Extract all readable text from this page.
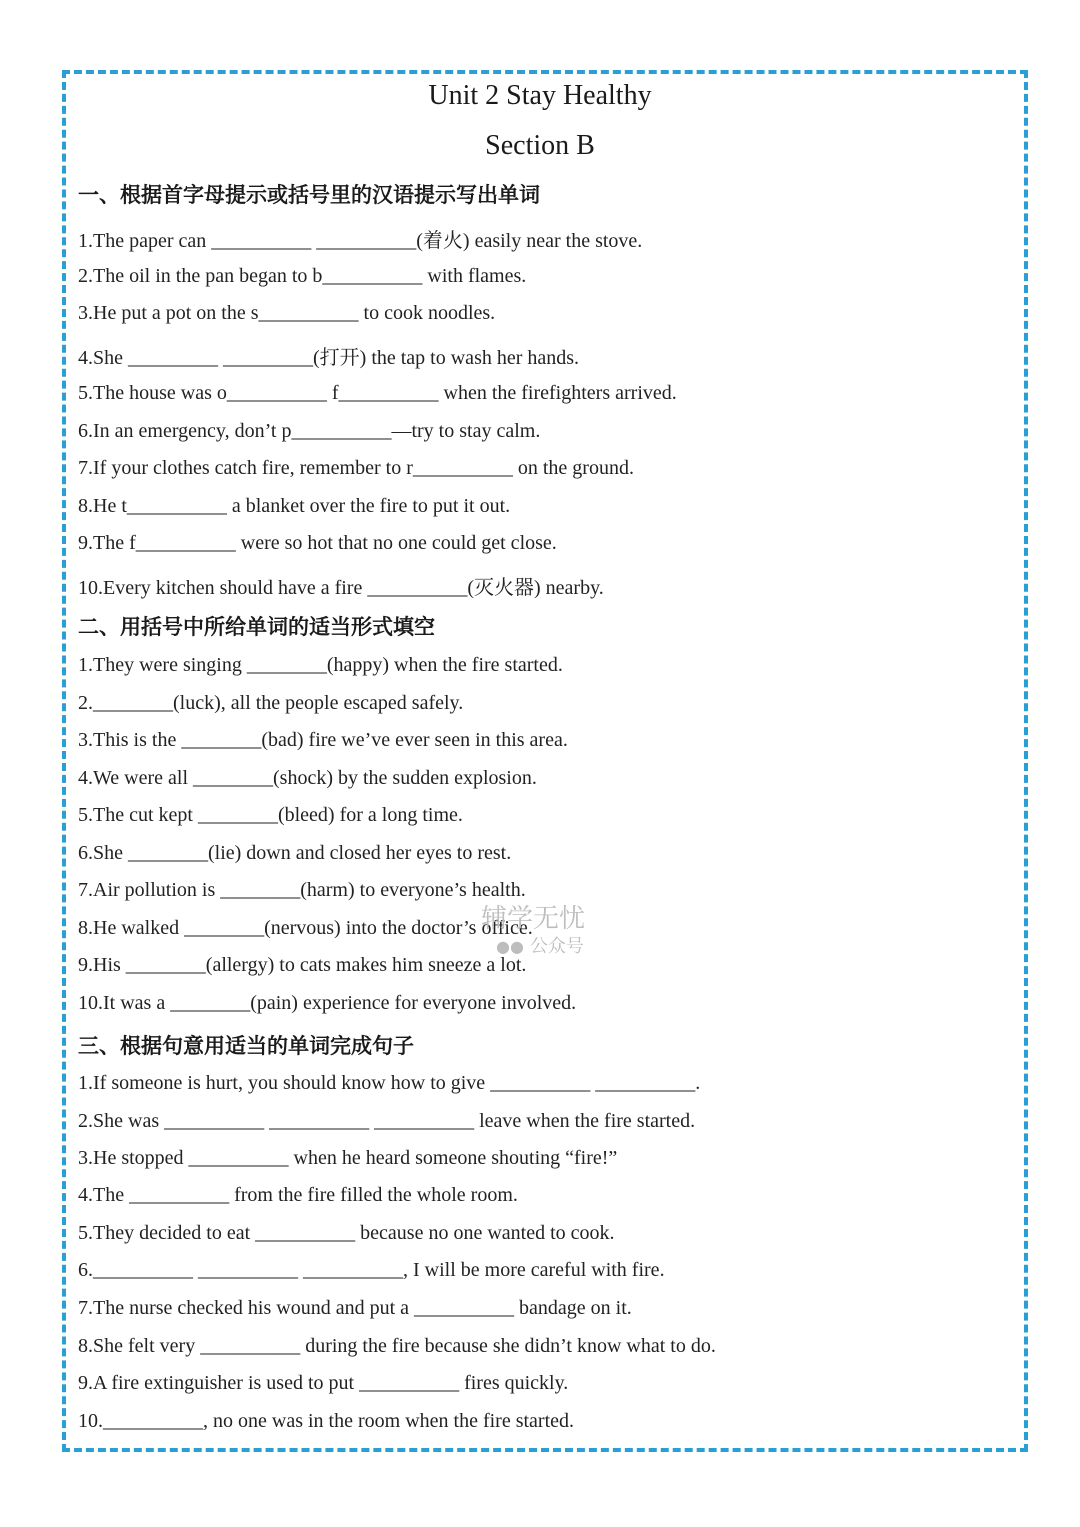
Unit 2 Stay Healthy
Section B
一、根据首字母提示或括号里的汉语提示写出单词
1.The paper can __________ __________(着火) easily near the stove.
2.The oil in the pan began to b__________ with flames.
3.He put a pot on the s__________ to cook noodles.
4.She _________ _________(打开) the tap to wash her hands.
5.The house was o__________ f__________ when the firefighters arrived.
6.In an emergency, don’t p__________—try to stay calm.
7.If your clothes catch fire, remember to r__________ on the ground.
8.He t__________ a blanket over the fire to put it out.
9.The f__________ were so hot that no one could get close.
10.Every kitchen should have a fire __________(灭火器) nearby.
二、用括号中所给单词的适当形式填空
1.They were singing ________(happy) when the fire started.
2.________(luck), all the people escaped safely.
3.This is the ________(bad) fire we’ve ever seen in this area.
4.We were all ________(shock) by the sudden explosion.
5.The cut kept ________(bleed) for a long time.
6.She ________(lie) down and closed her eyes to rest.
7.Air pollution is ________(harm) to everyone’s health.
8.He walked ________(nervous) into the doctor’s office.
9.His ________(allergy) to cats makes him sneeze a lot.
10.It was a ________(pain) experience for everyone involved.
三、根据句意用适当的单词完成句子
1.If someone is hurt, you should know how to give __________ __________.
2.She was __________ __________ __________ leave when the fire started.
3.He stopped __________ when he heard someone shouting “fire!”
4.The __________ from the fire filled the whole room.
5.They decided to eat __________ because no one wanted to cook.
6.__________ __________ __________, I will be more careful with fire.
7.The nurse checked his wound and put a __________ bandage on it.
8.She felt very __________ during the fire because she didn’t know what to do.
9.A fire extinguisher is used to put __________ fires quickly.
10.__________, no one was in the room when the fire started.
辅学无忧
●● 公众号
